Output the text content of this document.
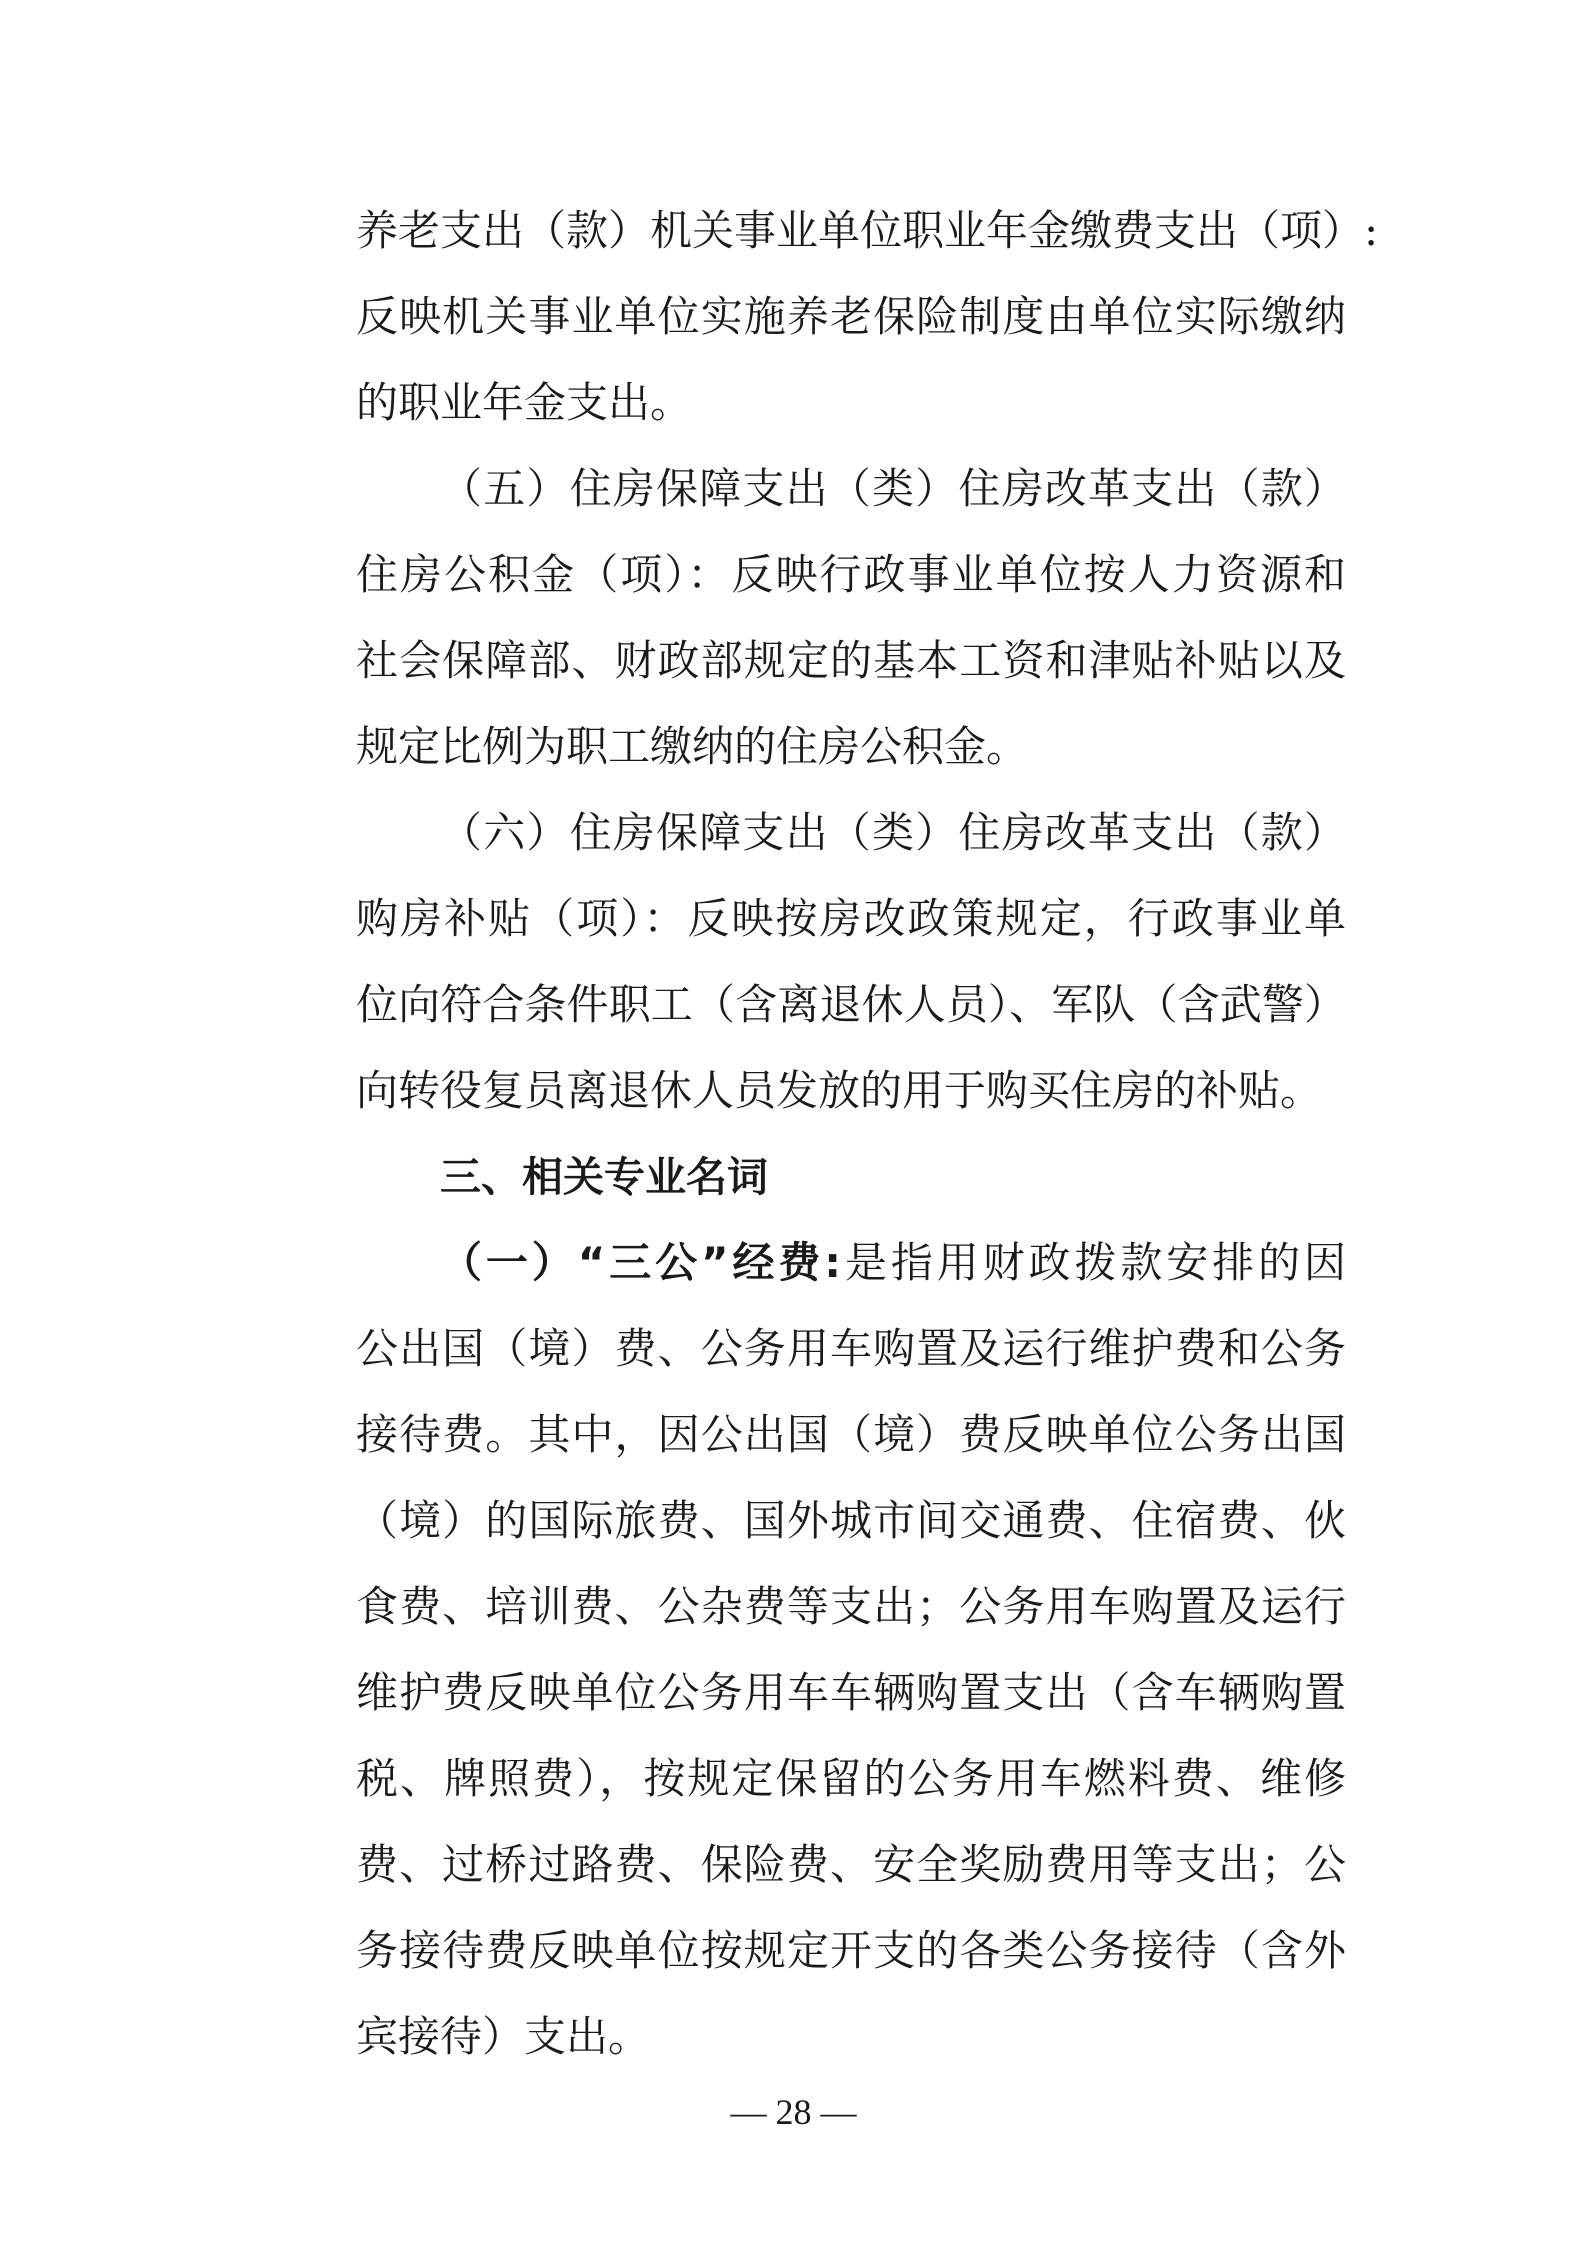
养老支出（款）机关事业单位职业年金缴费支出（项）:
反映机关事业单位实施养老保险制度由单位实际缴纳
的职业年金支出。
（五）住房保障支出（类）住房改革支出（款）
住房公积金（项）：反映行政事业单位按人力资源和
社会保障部、财政部规定的基本工资和津贴补贴以及
规定比例为职工缴纳的住房公积金。
（六）住房保障支出（类）住房改革支出（款）
购房补贴（项）：反映按房改政策规定，行政事业单
位向符合条件职工（含离退休人员）、军队（含武警）
向转役复员离退休人员发放的用于购买住房的补贴。
三、相关专业名词
（一）“三公”经费:是指用财政拨款安排的因
公出国（境）费、公务用车购置及运行维护费和公务
接待费。其中，因公出国（境）费反映单位公务出国
（境）的国际旅费、国外城市间交通费、住宿费、伙
食费、培训费、公杂费等支出；公务用车购置及运行
维护费反映单位公务用车车辆购置支出（含车辆购置
税、牌照费），按规定保留的公务用车燃料费、维修
费、过桥过路费、保险费、安全奖励费用等支出；公
务接待费反映单位按规定开支的各类公务接待（含外
宾接待）支出。
— 28 —
